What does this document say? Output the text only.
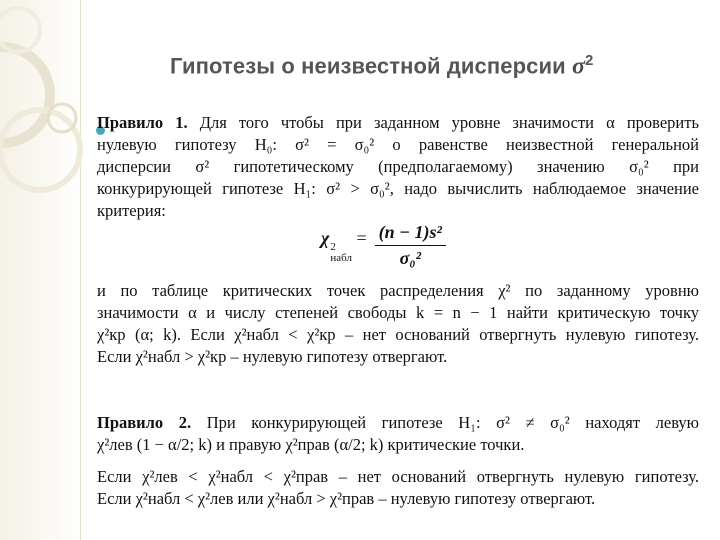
Гипотезы о неизвестной дисперсии $\sigma^2$

Правило 1. Для того чтобы при заданном уровне значимости α проверить

нулевую гипотезу H₀: σ² = σ₀² о равенстве неизвестной генеральной

дисперсии σ² гипотетическому (предполагаемому) значению σ₀² при

конкурирующей гипотезе H₁: σ² > σ₀², надо вычислить наблюдаемое значение

критерия:

χ 2
набл
=	(n − 1)s²
σ₀²

и по таблице критических точек распределения χ² по заданному уровню

значимости α и числу степеней свободы k = n − 1 найти критическую точку

χ²кр (α; k). Если χ²набл < χ²кр – нет оснований отвергнуть нулевую гипотезу.

Если χ²набл > χ²кр – нулевую гипотезу отвергают.

Правило 2. При конкурирующей гипотезе H₁: σ² ≠ σ₀² находят левую

χ²лев (1 − α/2; k) и правую χ²прав (α/2; k) критические точки.

Если χ²лев < χ²набл < χ²прав – нет оснований отвергнуть нулевую гипотезу.

Если χ²набл < χ²лев или χ²набл > χ²прав – нулевую гипотезу отвергают.
